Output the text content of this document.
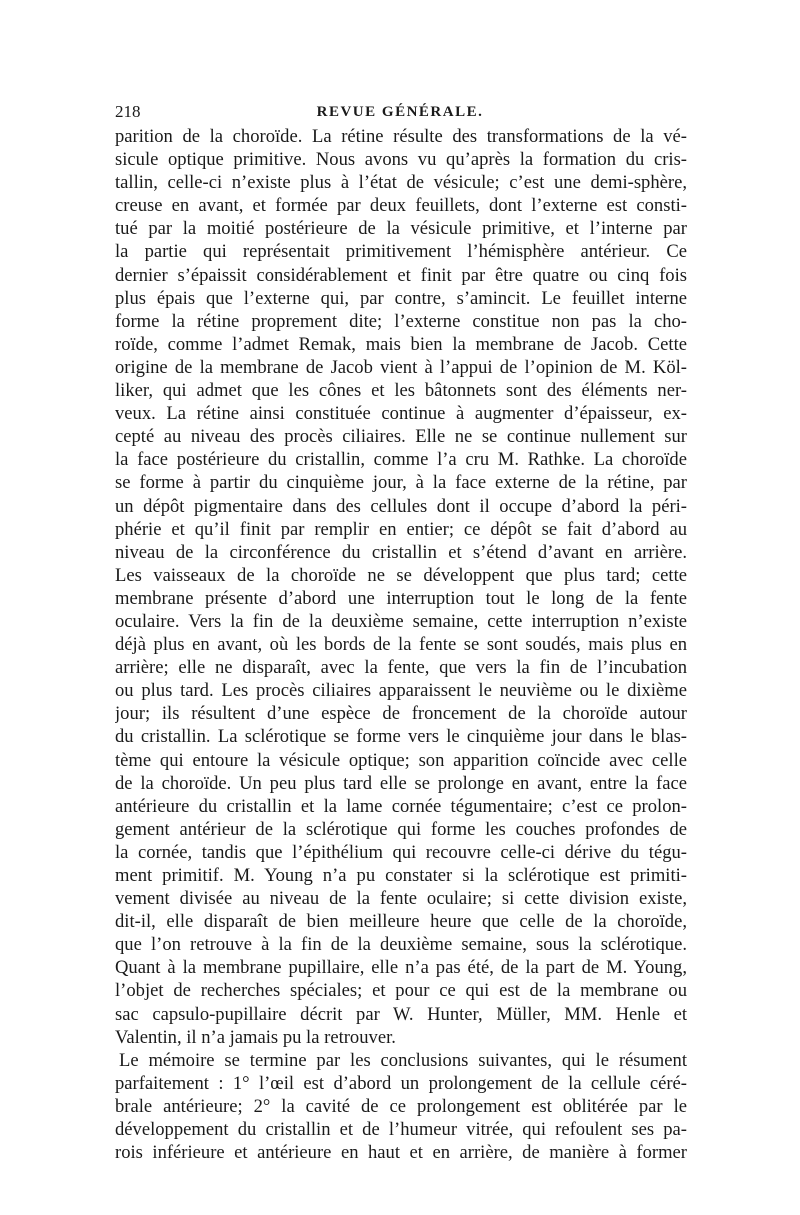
218	REVUE GÉNÉRALE.
parition de la choroïde. La rétine résulte des transformations de la vé-
sicule optique primitive. Nous avons vu qu’après la formation du cris-
tallin, celle-ci n’existe plus à l’état de vésicule; c’est une demi-sphère,
creuse en avant, et formée par deux feuillets, dont l’externe est consti-
tué par la moitié postérieure de la vésicule primitive, et l’interne par
la partie qui représentait primitivement l’hémisphère antérieur. Ce
dernier s’épaissit considérablement et finit par être quatre ou cinq fois
plus épais que l’externe qui, par contre, s’amincit. Le feuillet interne
forme la rétine proprement dite; l’externe constitue non pas la cho-
roïde, comme l’admet Remak, mais bien la membrane de Jacob. Cette
origine de la membrane de Jacob vient à l’appui de l’opinion de M. Köl-
liker, qui admet que les cônes et les bâtonnets sont des éléments ner-
veux. La rétine ainsi constituée continue à augmenter d’épaisseur, ex-
cepté au niveau des procès ciliaires. Elle ne se continue nullement sur
la face postérieure du cristallin, comme l’a cru M. Rathke. La choroïde
se forme à partir du cinquième jour, à la face externe de la rétine, par
un dépôt pigmentaire dans des cellules dont il occupe d’abord la péri-
phérie et qu’il finit par remplir en entier; ce dépôt se fait d’abord au
niveau de la circonférence du cristallin et s’étend d’avant en arrière.
Les vaisseaux de la choroïde ne se développent que plus tard; cette
membrane présente d’abord une interruption tout le long de la fente
oculaire. Vers la fin de la deuxième semaine, cette interruption n’existe
déjà plus en avant, où les bords de la fente se sont soudés, mais plus en
arrière; elle ne disparaît, avec la fente, que vers la fin de l’incubation
ou plus tard. Les procès ciliaires apparaissent le neuvième ou le dixième
jour; ils résultent d’une espèce de froncement de la choroïde autour
du cristallin. La sclérotique se forme vers le cinquième jour dans le blas-
tème qui entoure la vésicule optique; son apparition coïncide avec celle
de la choroïde. Un peu plus tard elle se prolonge en avant, entre la face
antérieure du cristallin et la lame cornée tégumentaire; c’est ce prolon-
gement antérieur de la sclérotique qui forme les couches profondes de
la cornée, tandis que l’épithélium qui recouvre celle-ci dérive du tégu-
ment primitif. M. Young n’a pu constater si la sclérotique est primiti-
vement divisée au niveau de la fente oculaire; si cette division existe,
dit-il, elle disparaît de bien meilleure heure que celle de la choroïde,
que l’on retrouve à la fin de la deuxième semaine, sous la sclérotique.
Quant à la membrane pupillaire, elle n’a pas été, de la part de M. Young,
l’objet de recherches spéciales; et pour ce qui est de la membrane ou
sac capsulo-pupillaire décrit par W. Hunter, Müller, MM. Henle et
Valentin, il n’a jamais pu la retrouver.
Le mémoire se termine par les conclusions suivantes, qui le résument
parfaitement : 1° l’œil est d’abord un prolongement de la cellule céré-
brale antérieure; 2° la cavité de ce prolongement est oblitérée par le
développement du cristallin et de l’humeur vitrée, qui refoulent ses pa-
rois inférieure et antérieure en haut et en arrière, de manière à former
